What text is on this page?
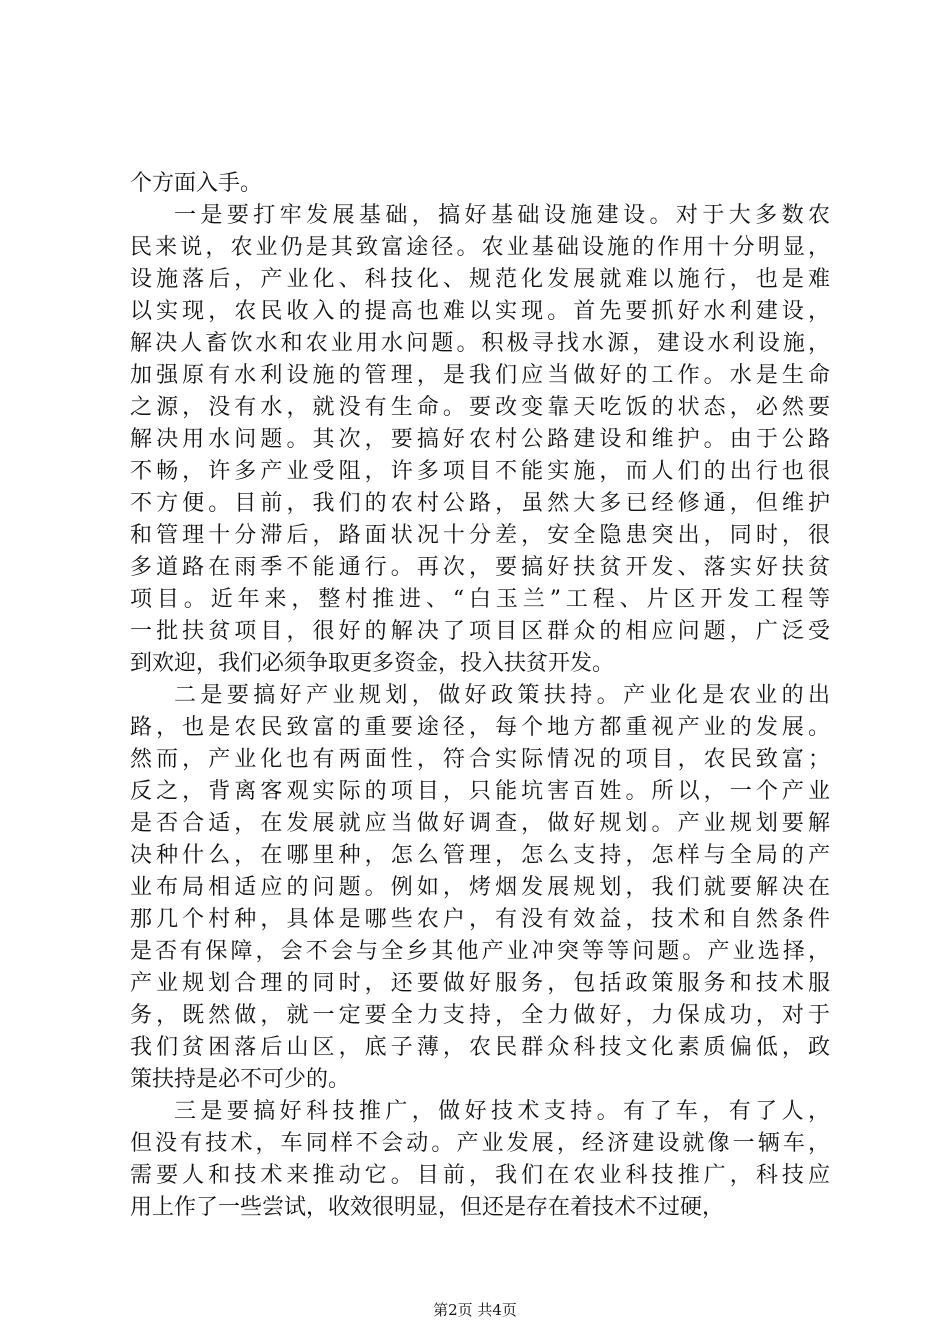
个方面入手。
一是要打牢发展基础，搞好基础设施建设。对于大多数农
民来说，农业仍是其致富途径。农业基础设施的作用十分明显，
设施落后，产业化、科技化、规范化发展就难以施行，也是难
以实现，农民收入的提高也难以实现。首先要抓好水利建设，
解决人畜饮水和农业用水问题。积极寻找水源，建设水利设施，
加强原有水利设施的管理，是我们应当做好的工作。水是生命
之源，没有水，就没有生命。要改变靠天吃饭的状态，必然要
解决用水问题。其次，要搞好农村公路建设和维护。由于公路
不畅，许多产业受阻，许多项目不能实施，而人们的出行也很
不方便。目前，我们的农村公路，虽然大多已经修通，但维护
和管理十分滞后，路面状况十分差，安全隐患突出，同时，很
多道路在雨季不能通行。再次，要搞好扶贫开发、落实好扶贫
项目。近年来，整村推进、“白玉兰”工程、片区开发工程等
一批扶贫项目，很好的解决了项目区群众的相应问题，广泛受
到欢迎，我们必须争取更多资金，投入扶贫开发。
二是要搞好产业规划，做好政策扶持。产业化是农业的出
路，也是农民致富的重要途径，每个地方都重视产业的发展。
然而，产业化也有两面性，符合实际情况的项目，农民致富；
反之，背离客观实际的项目，只能坑害百姓。所以，一个产业
是否合适，在发展就应当做好调查，做好规划。产业规划要解
决种什么，在哪里种，怎么管理，怎么支持，怎样与全局的产
业布局相适应的问题。例如，烤烟发展规划，我们就要解决在
那几个村种，具体是哪些农户，有没有效益，技术和自然条件
是否有保障，会不会与全乡其他产业冲突等等问题。产业选择，
产业规划合理的同时，还要做好服务，包括政策服务和技术服
务，既然做，就一定要全力支持，全力做好，力保成功，对于
我们贫困落后山区，底子薄，农民群众科技文化素质偏低，政
策扶持是必不可少的。
三是要搞好科技推广，做好技术支持。有了车，有了人，
但没有技术，车同样不会动。产业发展，经济建设就像一辆车，
需要人和技术来推动它。目前，我们在农业科技推广，科技应
用上作了一些尝试，收效很明显，但还是存在着技术不过硬，
第2页 共4页
